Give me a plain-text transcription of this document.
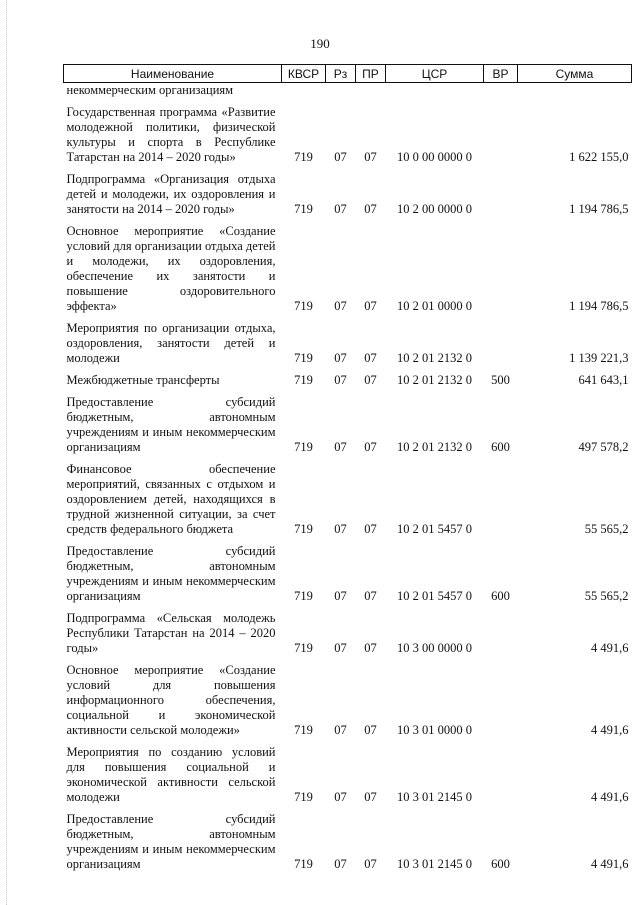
190
Наименование	КВСР	Рз	ПР	ЦСР	ВР	Сумма
некоммерческим организациям						
Государственная программа «Развитие молодежной политики, физической культуры и спорта в Республике Татарстан на 2014 – 2020 годы»	719	07	07	10 0 00 0000 0		1 622 155,0
Подпрограмма «Организация отдыха детей и молодежи, их оздоровления и занятости на 2014 – 2020 годы»	719	07	07	10 2 00 0000 0		1 194 786,5
Основное мероприятие «Создание условий для организации отдыха детей и молодежи, их оздоровления, обеспечение их занятости и повышение оздоровительного эффекта»	719	07	07	10 2 01 0000 0		1 194 786,5
Мероприятия по организации отдыха, оздоровления, занятости детей и молодежи	719	07	07	10 2 01 2132 0		1 139 221,3
Межбюджетные трансферты	719	07	07	10 2 01 2132 0	500	641 643,1
Предоставление субсидий бюджетным, автономным учреждениям и иным некоммерческим организациям	719	07	07	10 2 01 2132 0	600	497 578,2
Финансовое обеспечение мероприятий, связанных с отдыхом и оздоровлением детей, находящихся в трудной жизненной ситуации, за счет средств федерального бюджета	719	07	07	10 2 01 5457 0		55 565,2
Предоставление субсидий бюджетным, автономным учреждениям и иным некоммерческим организациям	719	07	07	10 2 01 5457 0	600	55 565,2
Подпрограмма «Сельская молодежь Республики Татарстан на 2014 – 2020 годы»	719	07	07	10 3 00 0000 0		4 491,6
Основное мероприятие «Создание условий для повышения информационного обеспечения, социальной и экономической активности сельской молодежи»	719	07	07	10 3 01 0000 0		4 491,6
Мероприятия по созданию условий для повышения социальной и экономической активности сельской молодежи	719	07	07	10 3 01 2145 0		4 491,6
Предоставление субсидий бюджетным, автономным учреждениям и иным некоммерческим организациям	719	07	07	10 3 01 2145 0	600	4 491,6
